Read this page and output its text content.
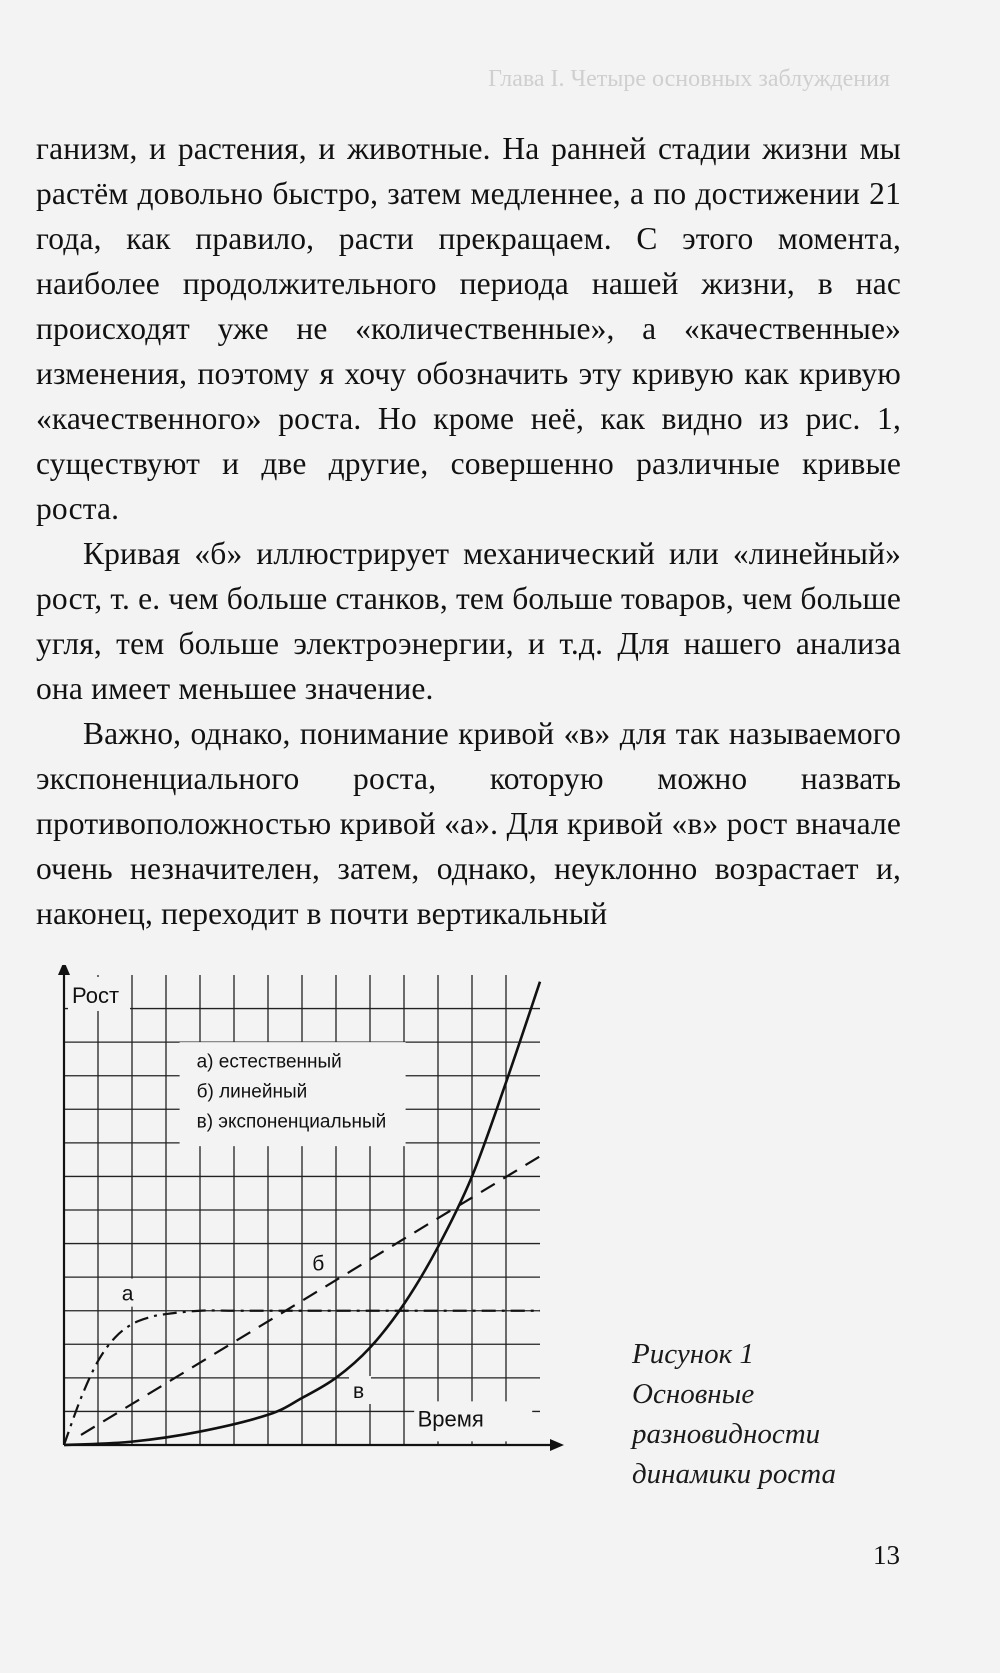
Глава I. Четыре основных заблуждения

ганизм, и растения, и животные. На ранней стадии жизни мы растём довольно быстро, затем медленнее, а по достижении 21 года, как правило, расти прекращаем. С этого момента, наиболее продолжительного периода нашей жизни, в нас происходят уже не «количественные», а «качественные» изменения, поэтому я хочу обозначить эту кривую как кривую «качественного» роста. Но кроме неё, как видно из рис. 1, существуют и две другие, совершенно различные кривые роста.

Кривая «б» иллюстрирует механический или «линейный» рост, т. е. чем больше станков, тем больше товаров, чем больше угля, тем больше электроэнергии, и т.д. Для нашего анализа она имеет меньшее значение.

Важно, однако, понимание кривой «в» для так называемого экспоненциального роста, которую можно назвать противоположностью кривой «а». Для кривой «в» рост вначале очень незначителен, затем, однако, неуклонно возрастает и, наконец, переходит в почти вертикальный

Рост
Время
а) естественный
б) линейный
в) экспоненциальный
а
б
в
Рисунок 1
Основные
разновидности
динамики роста
13
